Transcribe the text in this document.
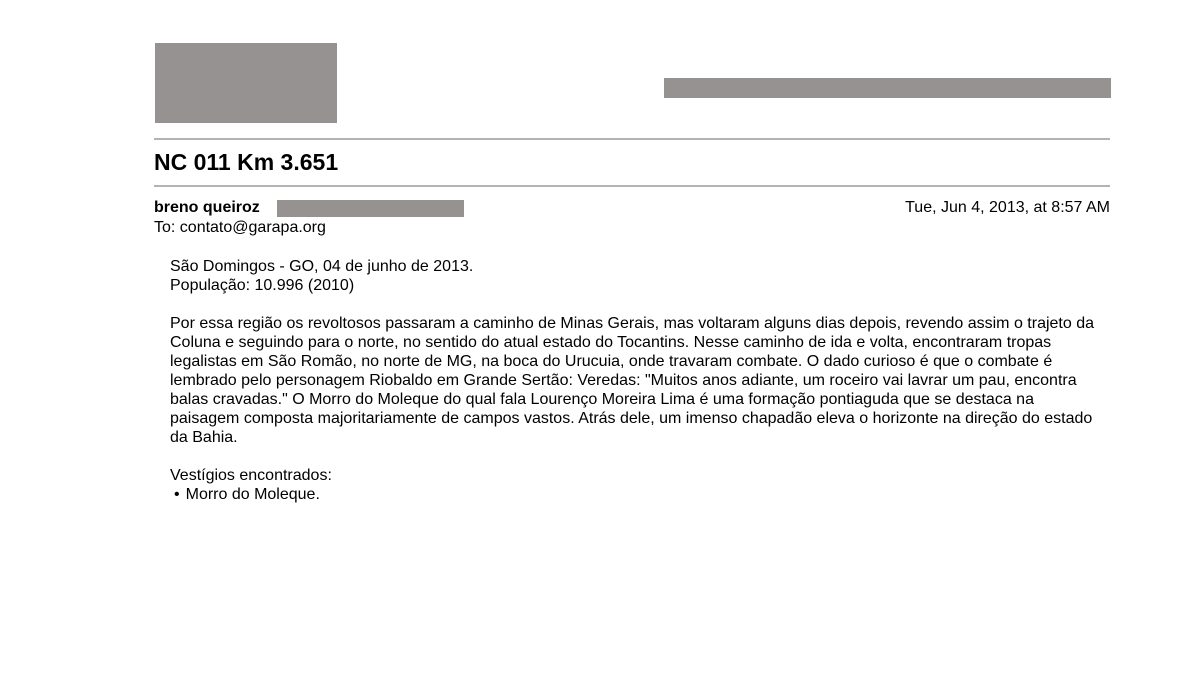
NC 011 Km 3.651
breno queiroz	Tue, Jun 4, 2013, at 8:57 AM
To: contato@garapa.org

São Domingos - GO, 04 de junho de 2013.

População: 10.996 (2010)

Por essa região os revoltosos passaram a caminho de Minas Gerais, mas voltaram alguns dias depois, revendo assim o trajeto da Coluna e seguindo para o norte, no sentido do atual estado do Tocantins. Nesse caminho de ida e volta, encontraram tropas legalistas em São Romão, no norte de MG, na boca do Urucuia, onde travaram combate. O dado curioso é que o combate é lembrado pelo personagem Riobaldo em Grande Sertão: Veredas: "Muitos anos adiante, um roceiro vai lavrar um pau, encontra balas cravadas." O Morro do Moleque do qual fala Lourenço Moreira Lima é uma formação pontiaguda que se destaca na paisagem composta majoritariamente de campos vastos. Atrás dele, um imenso chapadão eleva o horizonte na direção do estado da Bahia.

Vestígios encontrados:

• Morro do Moleque.
